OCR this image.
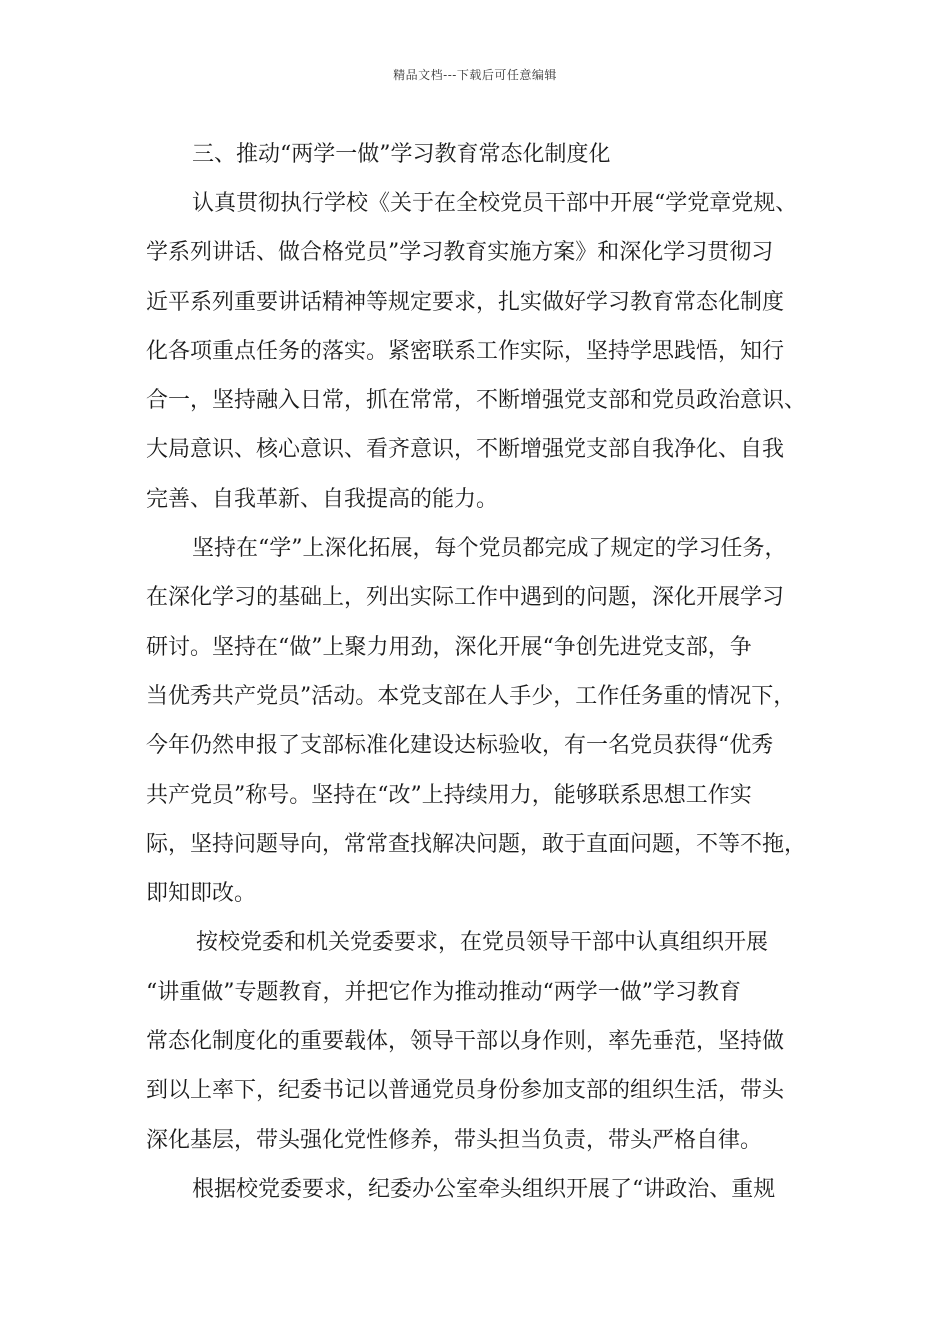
精品文档---下载后可任意编辑
三、推动“两学一做”学习教育常态化制度化
认真贯彻执行学校《关于在全校党员干部中开展“学党章党规、
学系列讲话、做合格党员”学习教育实施方案》和深化学习贯彻习
近平系列重要讲话精神等规定要求，扎实做好学习教育常态化制度
化各项重点任务的落实。紧密联系工作实际，坚持学思践悟，知行
合一，坚持融入日常，抓在常常，不断增强党支部和党员政治意识、
大局意识、核心意识、看齐意识，不断增强党支部自我净化、自我
完善、自我革新、自我提高的能力。
坚持在“学”上深化拓展，每个党员都完成了规定的学习任务，
在深化学习的基础上，列出实际工作中遇到的问题，深化开展学习
研讨。坚持在“做”上聚力用劲，深化开展“争创先进党支部，争
当优秀共产党员”活动。本党支部在人手少，工作任务重的情况下，
今年仍然申报了支部标准化建设达标验收，有一名党员获得“优秀
共产党员”称号。坚持在“改”上持续用力，能够联系思想工作实
际，坚持问题导向，常常查找解决问题，敢于直面问题，不等不拖，
即知即改。
按校党委和机关党委要求，在党员领导干部中认真组织开展
“讲重做”专题教育，并把它作为推动推动“两学一做”学习教育
常态化制度化的重要载体，领导干部以身作则，率先垂范，坚持做
到以上率下，纪委书记以普通党员身份参加支部的组织生活，带头
深化基层，带头强化党性修养，带头担当负责，带头严格自律。
根据校党委要求，纪委办公室牵头组织开展了“讲政治、重规
